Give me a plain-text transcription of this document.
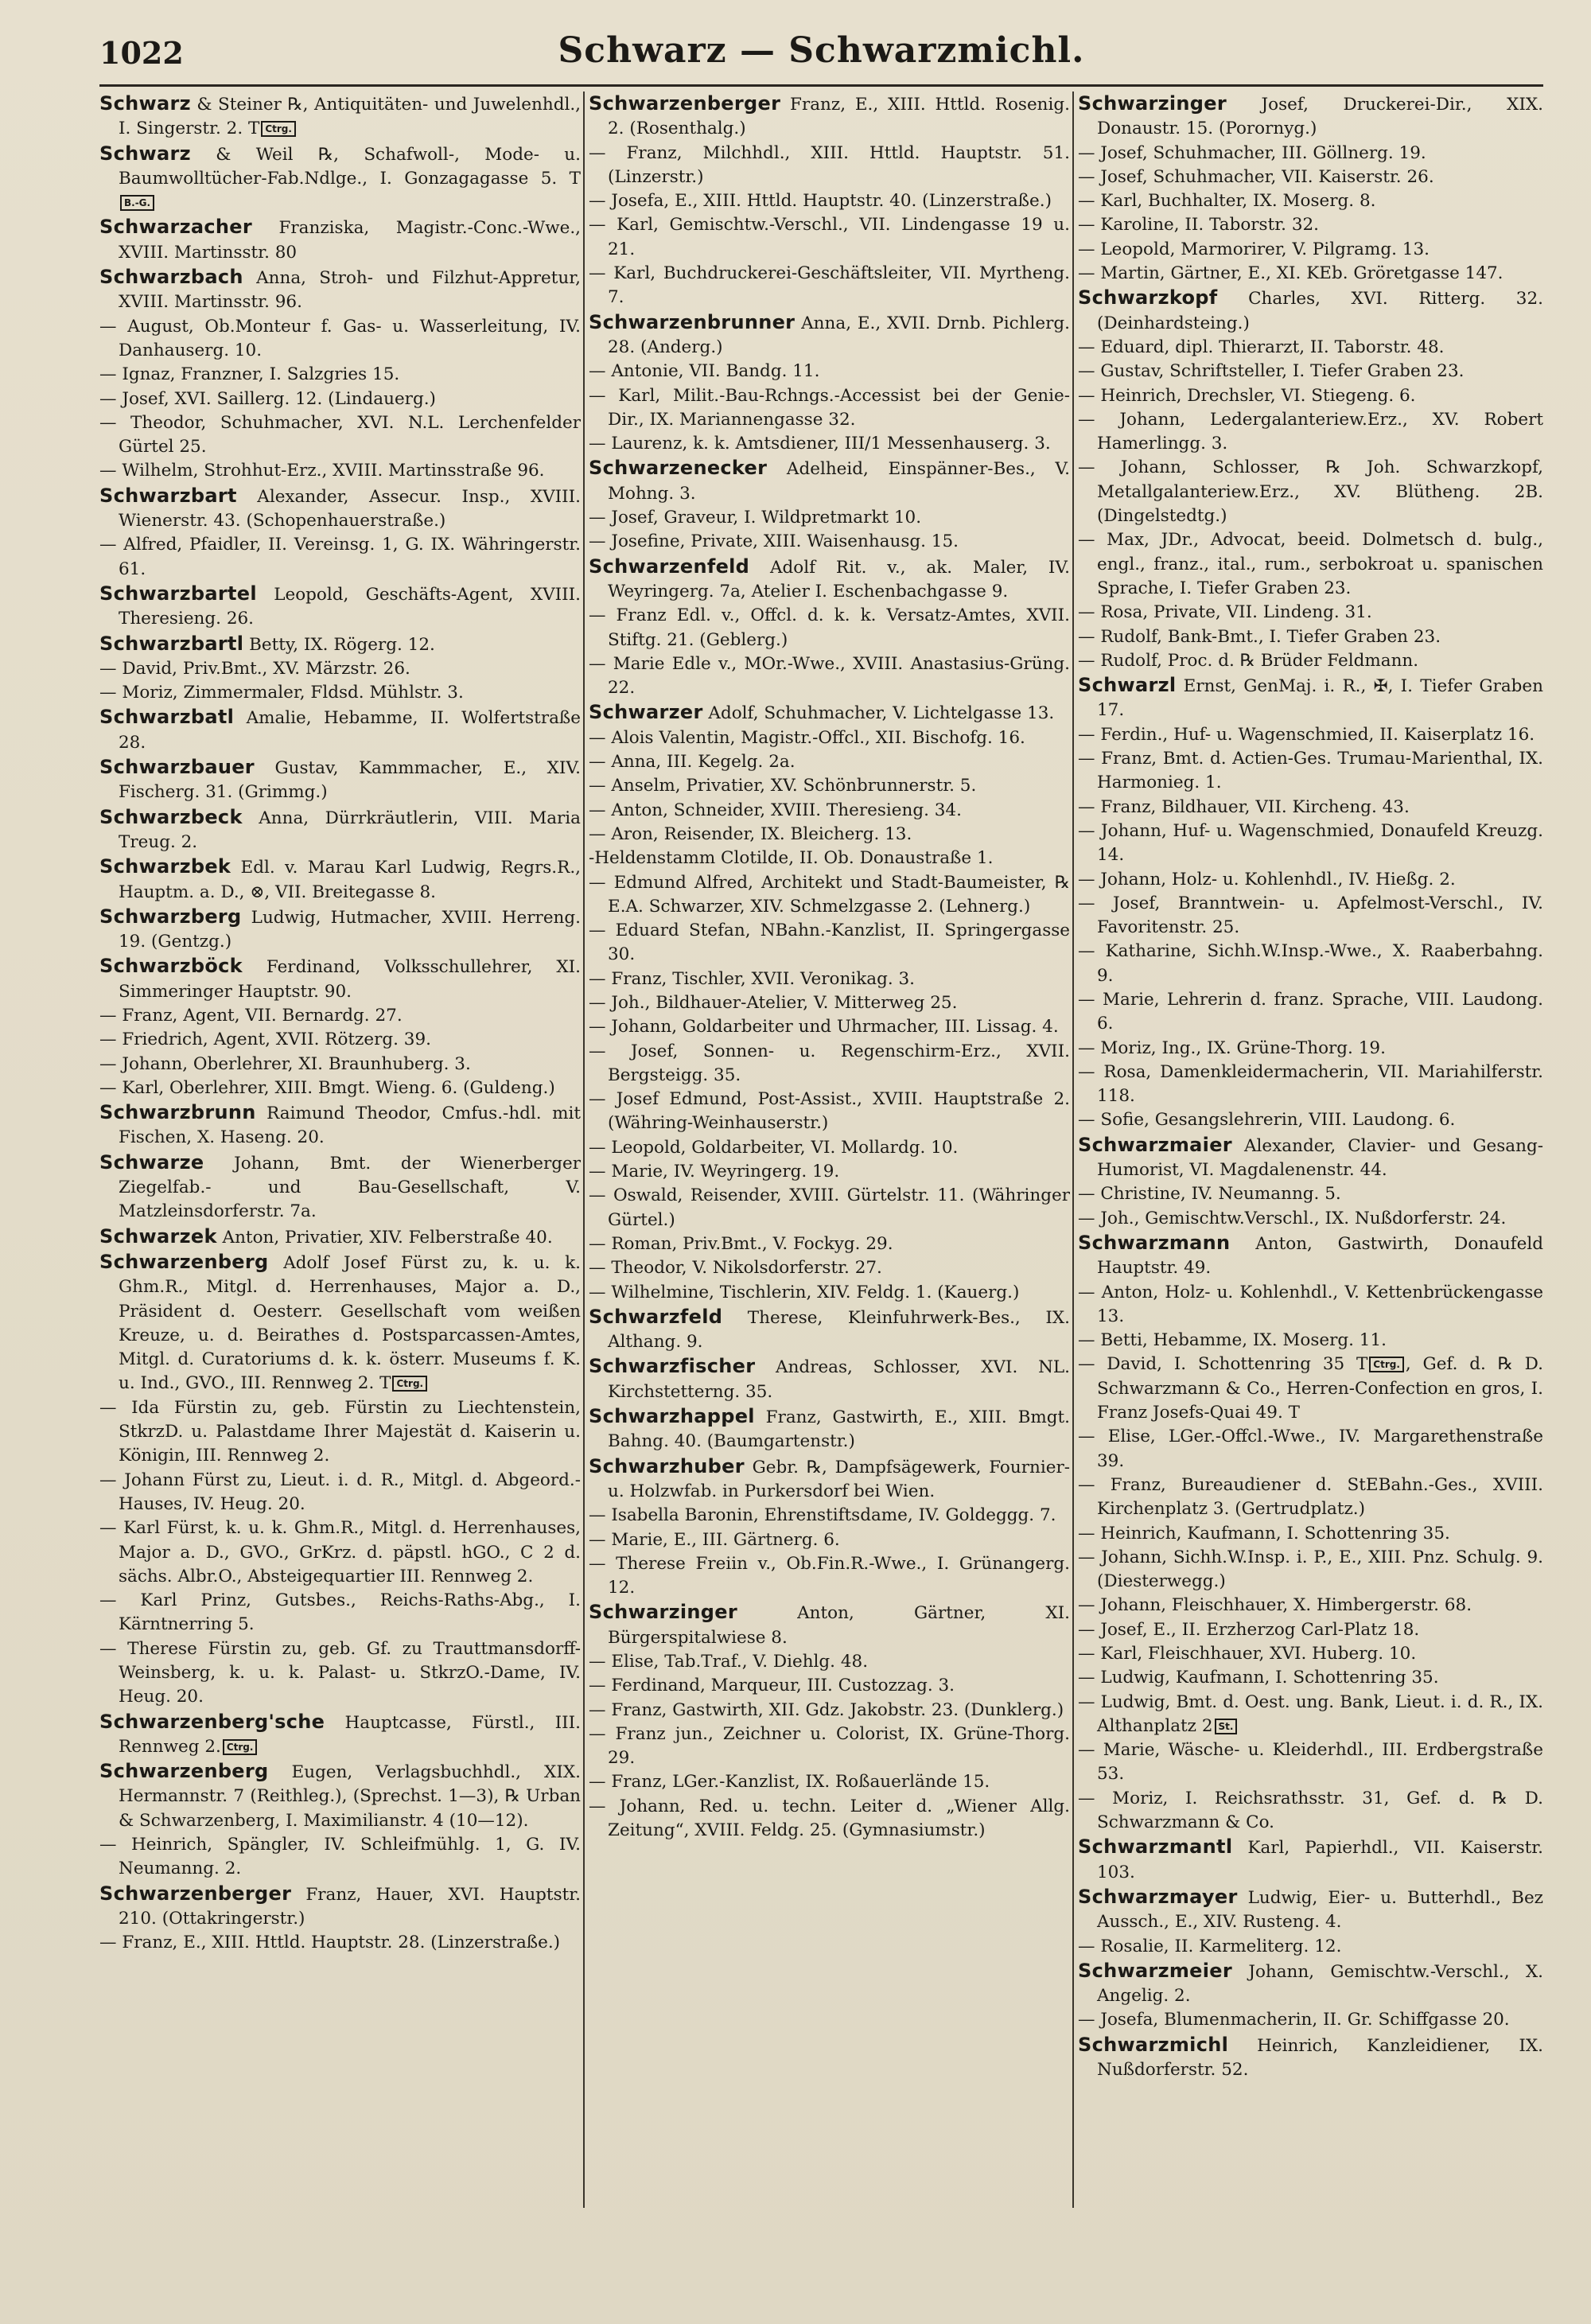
1022	Schwarz — Schwarzmichl.
Schwarz & Steiner ℞, Antiquitäten- und Juwelenhdl., I. Singerstr. 2. T Ctrg.
Schwarz & Weil ℞, Schafwoll-, Mode- u. Baumwolltücher-Fab.Ndlge., I. Gonzagagasse 5. TB.-G.
Schwarzacher Franziska, Magistr.-Conc.-Wwe., XVIII. Martinsstr. 80
Schwarzbach Anna, Stroh- und Filzhut-Appretur, XVIII. Martinsstr. 96.
— August, Ob.Monteur f. Gas- u. Wasserleitung, IV. Danhauserg. 10.
— Ignaz, Franzner, I. Salzgries 15.
— Josef, XVI. Saillerg. 12. (Lindauerg.)
— Theodor, Schuhmacher, XVI. N.L. Lerchenfelder Gürtel 25.
— Wilhelm, Strohhut-Erz., XVIII. Martinsstraße 96.
Schwarzbart Alexander, Assecur. Insp., XVIII. Wienerstr. 43. (Schopenhauerstraße.)
— Alfred, Pfaidler, II. Vereinsg. 1, G. IX. Währingerstr. 61.
Schwarzbartel Leopold, Geschäfts-Agent, XVIII. Theresieng. 26.
Schwarzbartl Betty, IX. Rögerg. 12.
— David, Priv.Bmt., XV. Märzstr. 26.
— Moriz, Zimmermaler, Fldsd. Mühlstr. 3.
Schwarzbatl Amalie, Hebamme, II. Wolfertstraße 28.
Schwarzbauer Gustav, Kammmacher, E., XIV. Fischerg. 31. (Grimmg.)
Schwarzbeck Anna, Dürrkräutlerin, VIII. Maria Treug. 2.
Schwarzbek Edl. v. Marau Karl Ludwig, Regrs.R., Hauptm. a. D., ⊗, VII. Breitegasse 8.
Schwarzberg Ludwig, Hutmacher, XVIII. Herreng. 19. (Gentzg.)
Schwarzböck Ferdinand, Volksschullehrer, XI. Simmeringer Hauptstr. 90.
— Franz, Agent, VII. Bernardg. 27.
— Friedrich, Agent, XVII. Rötzerg. 39.
— Johann, Oberlehrer, XI. Braunhuberg. 3.
— Karl, Oberlehrer, XIII. Bmgt. Wieng. 6. (Guldeng.)
Schwarzbrunn Raimund Theodor, Cmfus.-hdl. mit Fischen, X. Haseng. 20.
Schwarze Johann, Bmt. der Wienerberger Ziegelfab.- und Bau-Gesellschaft, V. Matzleinsdorferstr. 7a.
Schwarzek Anton, Privatier, XIV. Felberstraße 40.
Schwarzenberg Adolf Josef Fürst zu, k. u. k. Ghm.R., Mitgl. d. Herrenhauses, Major a. D., Präsident d. Oesterr. Gesellschaft vom weißen Kreuze, u. d. Beirathes d. Postsparcassen-Amtes, Mitgl. d. Curatoriums d. k. k. österr. Museums f. K. u. Ind., GVO., III. Rennweg 2. T Ctrg.
— Ida Fürstin zu, geb. Fürstin zu Liechtenstein, StkrzD. u. Palastdame Ihrer Majestät d. Kaiserin u. Königin, III. Rennweg 2.
— Johann Fürst zu, Lieut. i. d. R., Mitgl. d. Abgeord.-Hauses, IV. Heug. 20.
— Karl Fürst, k. u. k. Ghm.R., Mitgl. d. Herrenhauses, Major a. D., GVO., GrKrz. d. päpstl. hGO., C 2 d. sächs. Albr.O., Absteigequartier III. Rennweg 2.
— Karl Prinz, Gutsbes., Reichs-Raths-Abg., I. Kärntnerring 5.
— Therese Fürstin zu, geb. Gf. zu Trauttmansdorff-Weinsberg, k. u. k. Palast- u. StkrzO.-Dame, IV. Heug. 20.
Schwarzenberg'sche Hauptcasse, Fürstl., III. Rennweg 2. Ctrg.
Schwarzenberg Eugen, Verlagsbuchhdl., XIX. Hermannstr. 7 (Reithleg.), (Sprechst. 1—3), ℞ Urban & Schwarzenberg, I. Maximilianstr. 4 (10—12).
— Heinrich, Spängler, IV. Schleifmühlg. 1, G. IV. Neumanng. 2.
Schwarzenberger Franz, Hauer, XVI. Hauptstr. 210. (Ottakringerstr.)
— Franz, E., XIII. Httld. Hauptstr. 28. (Linzerstraße.)
Schwarzenberger Franz, E., XIII. Httld. Rosenig. 2. (Rosenthalg.)
— Franz, Milchhdl., XIII. Httld. Hauptstr. 51. (Linzerstr.)
— Josefa, E., XIII. Httld. Hauptstr. 40. (Linzerstraße.)
— Karl, Gemischtw.-Verschl., VII. Lindengasse 19 u. 21.
— Karl, Buchdruckerei-Geschäftsleiter, VII. Myrtheng. 7.
Schwarzenbrunner Anna, E., XVII. Drnb. Pichlerg. 28. (Anderg.)
— Antonie, VII. Bandg. 11.
— Karl, Milit.-Bau-Rchngs.-Accessist bei der Genie-Dir., IX. Mariannengasse 32.
— Laurenz, k. k. Amtsdiener, III/1 Messenhauserg. 3.
Schwarzenecker Adelheid, Einspänner-Bes., V. Mohng. 3.
— Josef, Graveur, I. Wildpretmarkt 10.
— Josefine, Private, XIII. Waisenhausg. 15.
Schwarzenfeld Adolf Rit. v., ak. Maler, IV. Weyringerg. 7a, Atelier I. Eschenbachgasse 9.
— Franz Edl. v., Offcl. d. k. k. Versatz-Amtes, XVII. Stiftg. 21. (Geblerg.)
— Marie Edle v., MOr.-Wwe., XVIII. Anastasius-Grüng. 22.
Schwarzer Adolf, Schuhmacher, V. Lichtelgasse 13.
— Alois Valentin, Magistr.-Offcl., XII. Bischofg. 16.
— Anna, III. Kegelg. 2a.
— Anselm, Privatier, XV. Schönbrunnerstr. 5.
— Anton, Schneider, XVIII. Theresieng. 34.
— Aron, Reisender, IX. Bleicherg. 13.
-Heldenstamm Clotilde, II. Ob. Donaustraße 1.
— Edmund Alfred, Architekt und Stadt-Baumeister, ℞ E.A. Schwarzer, XIV. Schmelzgasse 2. (Lehnerg.)
— Eduard Stefan, NBahn.-Kanzlist, II. Springergasse 30.
— Franz, Tischler, XVII. Veronikag. 3.
— Joh., Bildhauer-Atelier, V. Mitterweg 25.
— Johann, Goldarbeiter und Uhrmacher, III. Lissag. 4.
— Josef, Sonnen- u. Regenschirm-Erz., XVII. Bergsteigg. 35.
— Josef Edmund, Post-Assist., XVIII. Hauptstraße 2. (Währing-Weinhauserstr.)
— Leopold, Goldarbeiter, VI. Mollardg. 10.
— Marie, IV. Weyringerg. 19.
— Oswald, Reisender, XVIII. Gürtelstr. 11. (Währinger Gürtel.)
— Roman, Priv.Bmt., V. Fockyg. 29.
— Theodor, V. Nikolsdorferstr. 27.
— Wilhelmine, Tischlerin, XIV. Feldg. 1. (Kauerg.)
Schwarzfeld Therese, Kleinfuhrwerk-Bes., IX. Althang. 9.
Schwarzfischer Andreas, Schlosser, XVI. NL. Kirchstetterng. 35.
Schwarzhappel Franz, Gastwirth, E., XIII. Bmgt. Bahng. 40. (Baumgartenstr.)
Schwarzhuber Gebr. ℞, Dampfsägewerk, Fournier- u. Holzwfab. in Purkersdorf bei Wien.
— Isabella Baronin, Ehrenstiftsdame, IV. Goldeggg. 7.
— Marie, E., III. Gärtnerg. 6.
— Therese Freiin v., Ob.Fin.R.-Wwe., I. Grünangerg. 12.
Schwarzinger Anton, Gärtner, XI. Bürgerspitalwiese 8.
— Elise, Tab.Traf., V. Diehlg. 48.
— Ferdinand, Marqueur, III. Custozzag. 3.
— Franz, Gastwirth, XII. Gdz. Jakobstr. 23. (Dunklerg.)
— Franz jun., Zeichner u. Colorist, IX. Grüne-Thorg. 29.
— Franz, LGer.-Kanzlist, IX. Roßauerlände 15.
— Johann, Red. u. techn. Leiter d. „Wiener Allg. Zeitung“, XVIII. Feldg. 25. (Gymnasiumstr.)
Schwarzinger Josef, Druckerei-Dir., XIX. Donaustr. 15. (Porornyg.)
— Josef, Schuhmacher, III. Göllnerg. 19.
— Josef, Schuhmacher, VII. Kaiserstr. 26.
— Karl, Buchhalter, IX. Moserg. 8.
— Karoline, II. Taborstr. 32.
— Leopold, Marmorirer, V. Pilgramg. 13.
— Martin, Gärtner, E., XI. KEb. Gröretgasse 147.
Schwarzkopf Charles, XVI. Ritterg. 32. (Deinhardsteing.)
— Eduard, dipl. Thierarzt, II. Taborstr. 48.
— Gustav, Schriftsteller, I. Tiefer Graben 23.
— Heinrich, Drechsler, VI. Stiegeng. 6.
— Johann, Ledergalanteriew.Erz., XV. Robert Hamerlingg. 3.
— Johann, Schlosser, ℞ Joh. Schwarzkopf, Metallgalanteriew.Erz., XV. Blütheng. 2B. (Dingelstedtg.)
— Max, JDr., Advocat, beeid. Dolmetsch d. bulg., engl., franz., ital., rum., serbokroat u. spanischen Sprache, I. Tiefer Graben 23.
— Rosa, Private, VII. Lindeng. 31.
— Rudolf, Bank-Bmt., I. Tiefer Graben 23.
— Rudolf, Proc. d. ℞ Brüder Feldmann.
Schwarzl Ernst, GenMaj. i. R., ✠, I. Tiefer Graben 17.
— Ferdin., Huf- u. Wagenschmied, II. Kaiserplatz 16.
— Franz, Bmt. d. Actien-Ges. Trumau-Marienthal, IX. Harmonieg. 1.
— Franz, Bildhauer, VII. Kircheng. 43.
— Johann, Huf- u. Wagenschmied, Donaufeld Kreuzg. 14.
— Johann, Holz- u. Kohlenhdl., IV. Hießg. 2.
— Josef, Branntwein- u. Apfelmost-Verschl., IV. Favoritenstr. 25.
— Katharine, Sichh.W.Insp.-Wwe., X. Raaberbahng. 9.
— Marie, Lehrerin d. franz. Sprache, VIII. Laudong. 6.
— Moriz, Ing., IX. Grüne-Thorg. 19.
— Rosa, Damenkleidermacherin, VII. Mariahilferstr. 118.
— Sofie, Gesangslehrerin, VIII. Laudong. 6.
Schwarzmaier Alexander, Clavier- und Gesang-Humorist, VI. Magdalenenstr. 44.
— Christine, IV. Neumanng. 5.
— Joh., Gemischtw.Verschl., IX. Nußdorferstr. 24.
Schwarzmann Anton, Gastwirth, Donaufeld Hauptstr. 49.
— Anton, Holz- u. Kohlenhdl., V. Kettenbrückengasse 13.
— Betti, Hebamme, IX. Moserg. 11.
— David, I. Schottenring 35 T Ctrg. , Gef. d. ℞ D. Schwarzmann & Co., Herren-Confection en gros, I. Franz Josefs-Quai 49. T
— Elise, LGer.-Offcl.-Wwe., IV. Margarethenstraße 39.
— Franz, Bureaudiener d. StEBahn.-Ges., XVIII. Kirchenplatz 3. (Gertrudplatz.)
— Heinrich, Kaufmann, I. Schottenring 35.
— Johann, Sichh.W.Insp. i. P., E., XIII. Pnz. Schulg. 9. (Diesterwegg.)
— Johann, Fleischhauer, X. Himbergerstr. 68.
— Josef, E., II. Erzherzog Carl-Platz 18.
— Karl, Fleischhauer, XVI. Huberg. 10.
— Ludwig, Kaufmann, I. Schottenring 35.
— Ludwig, Bmt. d. Oest. ung. Bank, Lieut. i. d. R., IX. Althanplatz 2 St.
— Marie, Wäsche- u. Kleiderhdl., III. Erdbergstraße 53.
— Moriz, I. Reichsrathsstr. 31, Gef. d. ℞ D. Schwarzmann & Co.
Schwarzmantl Karl, Papierhdl., VII. Kaiserstr. 103.
Schwarzmayer Ludwig, Eier- u. Butterhdl., Bez Aussch., E., XIV. Rusteng. 4.
— Rosalie, II. Karmeliterg. 12.
Schwarzmeier Johann, Gemischtw.-Verschl., X. Angelig. 2.
— Josefa, Blumenmacherin, II. Gr. Schiffgasse 20.
Schwarzmichl Heinrich, Kanzleidiener, IX. Nußdorferstr. 52.
